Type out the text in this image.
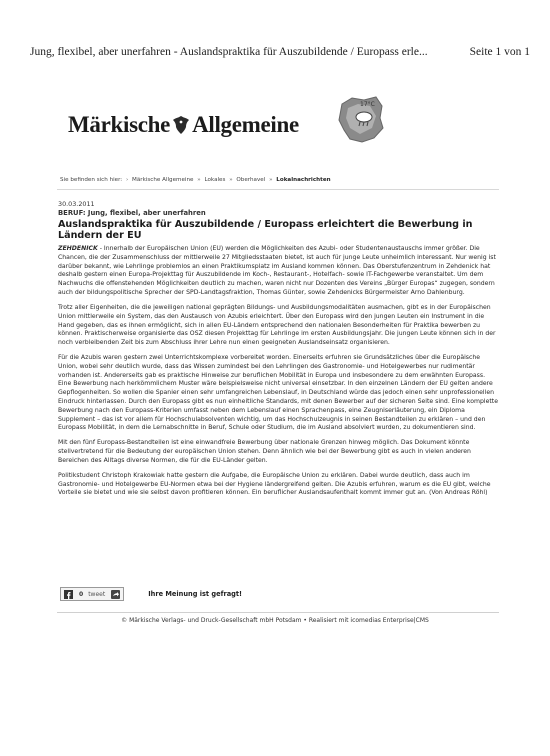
Jung, flexibel, aber unerfahren - Auslandspraktika für Auszubildende / Europass erle...	Seite 1 von 1
Märkische Allgemeine
17°C
Sie befinden sich hier: › Märkische Allgemeine » Lokales » Oberhavel » Lokalnachrichten
30.03.2011
BERUF: Jung, flexibel, aber unerfahren
Auslandspraktika für Auszubildende / Europass erleichtert die Bewerbung in Ländern der EU

ZEHDENICK - Innerhalb der Europäischen Union (EU) werden die Möglichkeiten des Azubi- oder Studentenaustauschs immer größer. Die Chancen, die der Zusammenschluss der mittlerweile 27 Mitgliedsstaaten bietet, ist auch für junge Leute unheimlich interessant. Nur wenig ist darüber bekannt, wie Lehrlinge problemlos an einen Praktikumsplatz im Ausland kommen können. Das Oberstufenzentrum in Zehdenick hat deshalb gestern einen Europa-Projekttag für Auszubildende im Koch-, Restaurant-, Hotelfach- sowie IT-Fachgewerbe veranstaltet. Um dem Nachwuchs die offenstehenden Möglichkeiten deutlich zu machen, waren nicht nur Dozenten des Vereins „Bürger Europas“ zugegen, sondern auch der bildungspolitische Sprecher der SPD-Landtagsfraktion, Thomas Günter, sowie Zehdenicks Bürgermeister Arno Dahlenburg.

Trotz aller Eigenheiten, die die jeweiligen national geprägten Bildungs- und Ausbildungsmodalitäten ausmachen, gibt es in der Europäischen Union mittlerweile ein System, das den Austausch von Azubis erleichtert. Über den Europass wird den jungen Leuten ein Instrument in die Hand gegeben, das es ihnen ermöglicht, sich in allen EU-Ländern entsprechend den nationalen Besonderheiten für Praktika bewerben zu können. Praktischerweise organisierte das OSZ diesen Projekttag für Lehrlinge im ersten Ausbildungsjahr. Die jungen Leute können sich in der noch verbleibenden Zeit bis zum Abschluss ihrer Lehre nun einen geeigneten Auslandseinsatz organisieren.

Für die Azubis waren gestern zwei Unterrichtskomplexe vorbereitet worden. Einerseits erfuhren sie Grundsätzliches über die Europäische Union, wobei sehr deutlich wurde, dass das Wissen zumindest bei den Lehrlingen des Gastronomie- und Hotelgewerbes nur rudimentär vorhanden ist. Andererseits gab es praktische Hinweise zur beruflichen Mobilität in Europa und insbesondere zu dem erwähnten Europass. Eine Bewerbung nach herkömmlichem Muster wäre beispielsweise nicht universal einsetzbar. In den einzelnen Ländern der EU gelten andere Gepflogenheiten. So wollen die Spanier einen sehr umfangreichen Lebenslauf, in Deutschland würde das jedoch einen sehr unprofessionellen Eindruck hinterlassen. Durch den Europass gibt es nun einheitliche Standards, mit denen Bewerber auf der sicheren Seite sind. Eine komplette Bewerbung nach den Europass-Kriterien umfasst neben dem Lebenslauf einen Sprachenpass, eine Zeugniserläuterung, ein Diploma Supplement – das ist vor allem für Hochschulabsolventen wichtig, um das Hochschulzeugnis in seinen Bestandteilen zu erklären – und den Europass Mobilität, in dem die Lernabschnitte in Beruf, Schule oder Studium, die im Ausland absolviert wurden, zu dokumentieren sind.

Mit den fünf Europass-Bestandteilen ist eine einwandfreie Bewerbung über nationale Grenzen hinweg möglich. Das Dokument könnte stellvertretend für die Bedeutung der europäischen Union stehen. Denn ähnlich wie bei der Bewerbung gibt es auch in vielen anderen Bereichen des Alltags diverse Normen, die für die EU-Länder gelten.

Politikstudent Christoph Krakowiak hatte gestern die Aufgabe, die Europäische Union zu erklären. Dabei wurde deutlich, dass auch im Gastronomie- und Hotelgewerbe EU-Normen etwa bei der Hygiene ländergreifend gelten. Die Azubis erfuhren, warum es die EU gibt, welche Vorteile sie bietet und wie sie selbst davon profitieren können. Ein beruflicher Auslandsaufenthalt kommt immer gut an. (Von Andreas Röhl)

0 tweet	Ihre Meinung ist gefragt!
© Märkische Verlags- und Druck-Gesellschaft mbH Potsdam • Realisiert mit icomedias Enterprise|CMS
